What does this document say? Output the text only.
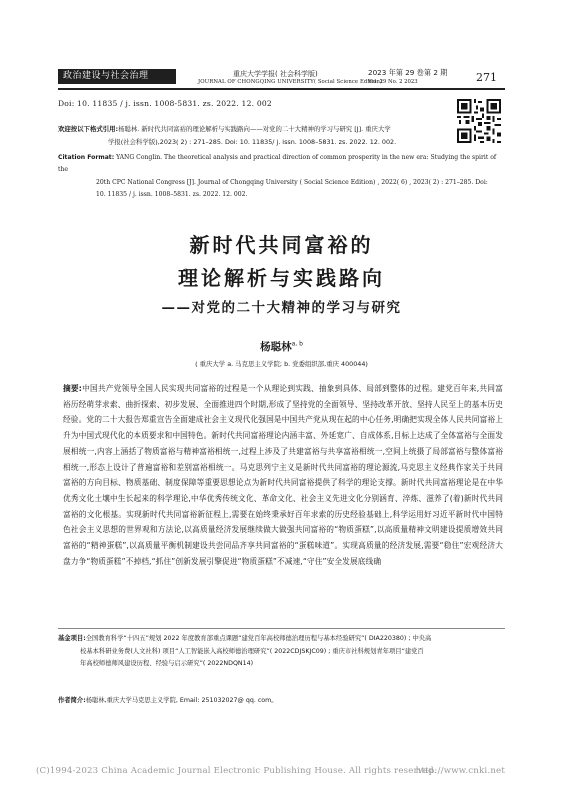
政治建设与社会治理	重庆大学学报( 社会科学版)	2023 年第 29 卷第 2 期
JOURNAL OF CHONGQING UNIVERSITY( Social Science Edition)
Vol. 29 No. 2 2023	271
Doi: 10. 11835 / j. issn. 1008-5831. zs. 2022. 12. 002
欢迎按以下格式引用:杨聪林. 新时代共同富裕的理论解析与实践路向——对党的二十大精神的学习与研究 [J]. 重庆大学
学报(社会科学版),2023( 2) : 271–285. Doi: 10. 11835/ j. issn. 1008–5831. zs. 2022. 12. 002.
Citation Format: YANG Conglin. The theoretical analysis and practical direction of common prosperity in the new era: Studying the spirit of the
20th CPC National Congress [J]. Journal of Chongqing University ( Social Science Edition) , 2022( 6) , 2023( 2) : 271–285. Doi:
10. 11835 / j. issn. 1008–5831. zs. 2022. 12. 002.
新时代共同富裕的
理论解析与实践路向
——对党的二十大精神的学习与研究
杨聪林$^{a, b}$
( 重庆大学 a. 马克思主义学院; b. 党委组织部,重庆 400044)
摘要:中国共产党领导全国人民实现共同富裕的过程是一个从理论到实践、抽象到具体、局部到整体的过程。建党百年来,共同富裕历经萌芽求索、曲折探索、初步发展、全面推进四个时期,形成了坚持党的全面领导、坚持改革开放、坚持人民至上的基本历史经验。党的二十大报告郑重宣告全面建成社会主义现代化强国是中国共产党从现在起的中心任务,明确把实现全体人民共同富裕上升为中国式现代化的本质要求和中国特色。新时代共同富裕理论内涵丰富、外延宽广、自成体系,目标上达成了全体富裕与全面发展相统一,内容上涵括了物质富裕与精神富裕相统一,过程上涉及了共建富裕与共享富裕相统一,空间上统摄了局部富裕与整体富裕相统一,形态上设计了普遍富裕和差别富裕相统一。马克思列宁主义是新时代共同富裕的理论源流,马克思主义经典作家关于共同富裕的方向目标、物质基础、制度保障等重要思想论点为新时代共同富裕提供了科学的理论支撑。新时代共同富裕理论是在中华优秀文化土壤中生长起来的科学理论,中华优秀传统文化、革命文化、社会主义先进文化分别涵育、淬炼、滋养了(着)新时代共同富裕的文化根基。实现新时代共同富裕新征程上,需要在始终秉承好百年求索的历史经验基础上,科学运用好习近平新时代中国特色社会主义思想的世界观和方法论,以高质量经济发展继续做大做强共同富裕的“物质蛋糕”,以高质量精神文明建设提质增效共同富裕的“精神蛋糕”,以高质量平衡机制建设共尝同品齐享共同富裕的“蛋糕味道”。实现高质量的经济发展,需要“稳住”宏观经济大盘力争“物质蛋糕”不掉档,“抓住”创新发展引擎促进“物质蛋糕”不减速,“守住”安全发展底线确
基金项目:全国教育科学“十四五”规划 2022 年度教育部重点课题“建党百年高校师德治理历程与基本经验研究”( DIA220380) ; 中央高
校基本科研业务费(人文社科) 项目“人工智能嵌入高校师德治理研究”( 2022CDJSKJC09) ; 重庆市社科规划青年项目“建党百
年高校师德师风建设历程、经验与启示研究”( 2022NDQN14)
作者简介:杨聪林,重庆大学马克思主义学院, Email: 251032027@ qq. com。
(C)1994-2023 China Academic Journal Electronic Publishing House. All rights reserved.
http://www.cnki.net
